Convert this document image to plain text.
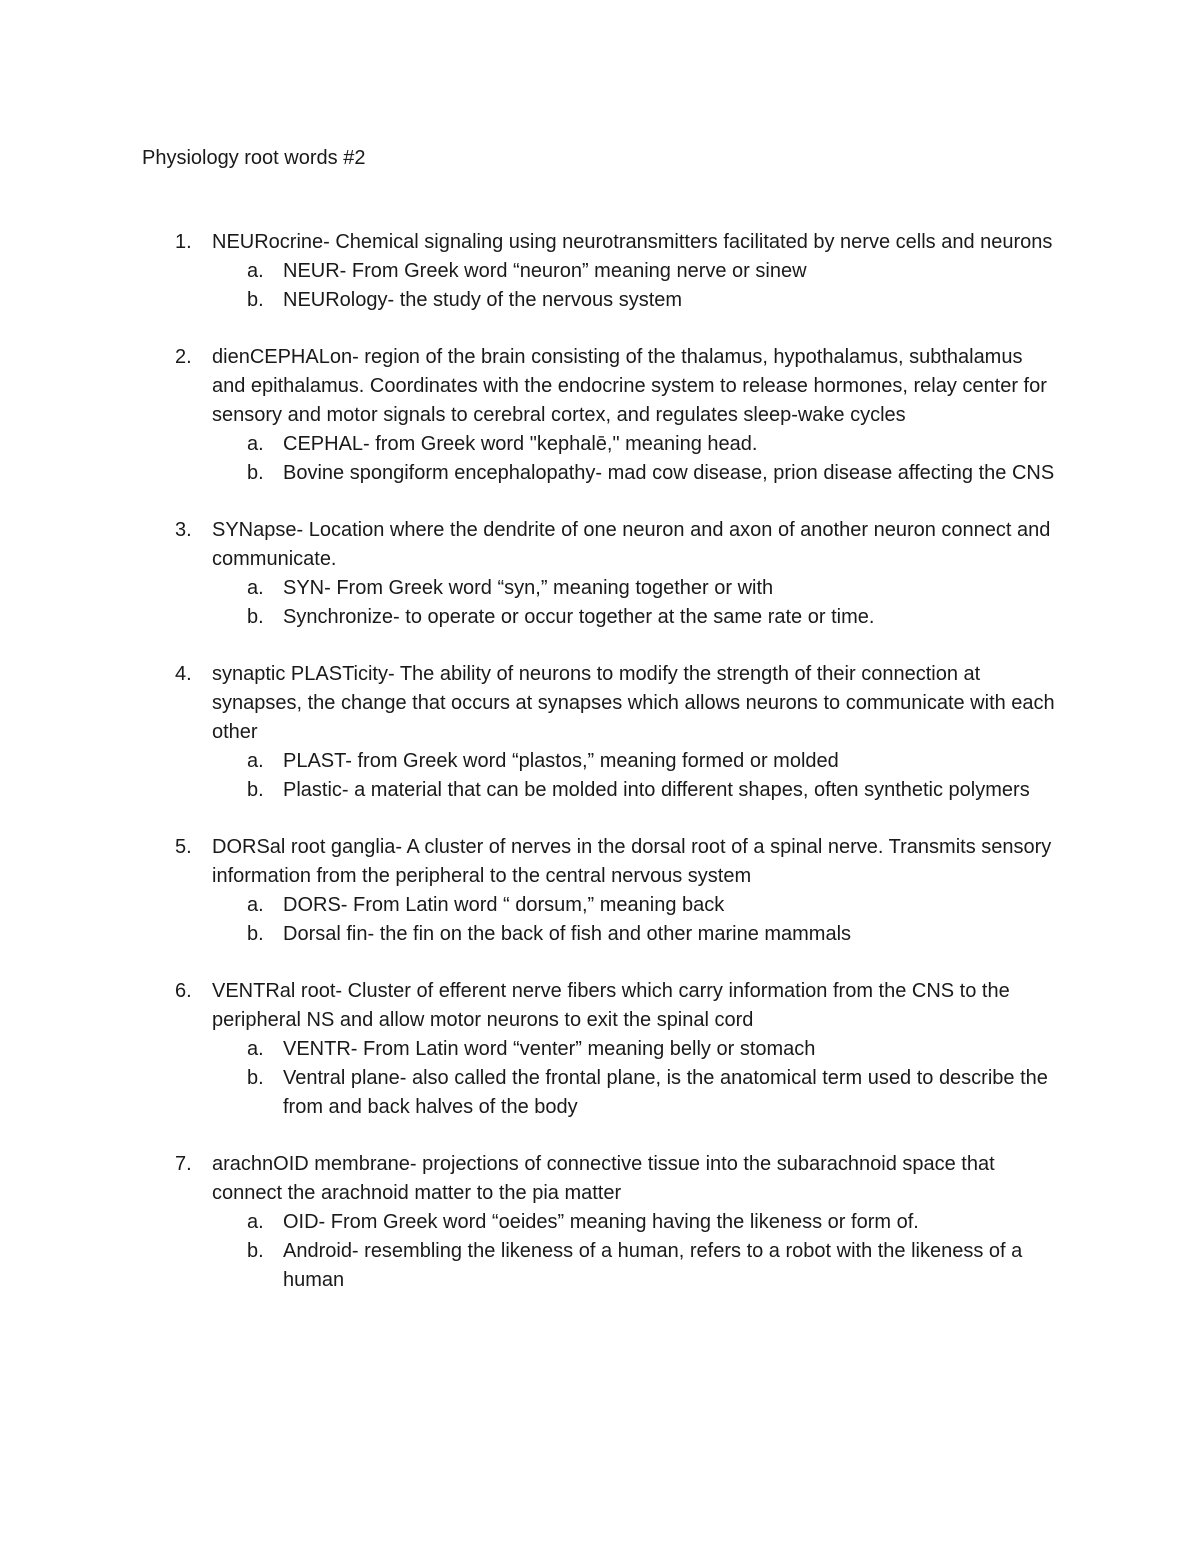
Physiology root words #2
1. NEURocrine- Chemical signaling using neurotransmitters facilitated by nerve cells and neurons
a. NEUR- From Greek word “neuron” meaning nerve or sinew
b. NEURology- the study of the nervous system
2. dienCEPHALon- region of the brain consisting of the thalamus, hypothalamus, subthalamus and epithalamus. Coordinates with the endocrine system to release hormones, relay center for sensory and motor signals to cerebral cortex, and regulates sleep-wake cycles
a. CEPHAL- from Greek word "kephalē," meaning head.
b. Bovine spongiform encephalopathy- mad cow disease, prion disease affecting the CNS
3. SYNapse- Location where the dendrite of one neuron and axon of another neuron connect and communicate.
a. SYN- From Greek word “syn,” meaning together or with
b. Synchronize- to operate or occur together at the same rate or time.
4. synaptic PLASTicity- The ability of neurons to modify the strength of their connection at synapses, the change that occurs at synapses which allows neurons to communicate with each other
a. PLAST- from Greek word “plastos,” meaning formed or molded
b. Plastic- a material that can be molded into different shapes, often synthetic polymers
5. DORSal root ganglia- A cluster of nerves in the dorsal root of a spinal nerve. Transmits sensory information from the peripheral to the central nervous system
a. DORS- From Latin word “ dorsum,” meaning back
b. Dorsal fin- the fin on the back of fish and other marine mammals
6. VENTRal root- Cluster of efferent nerve fibers which carry information from the CNS to the peripheral NS and allow motor neurons to exit the spinal cord
a. VENTR- From Latin word “venter” meaning belly or stomach
b. Ventral plane- also called the frontal plane, is the anatomical term used to describe the from and back halves of the body
7. arachnOID membrane- projections of connective tissue into the subarachnoid space that connect the arachnoid matter to the pia matter
a. OID- From Greek word “oeides” meaning having the likeness or form of.
b. Android- resembling the likeness of a human, refers to a robot with the likeness of a human
